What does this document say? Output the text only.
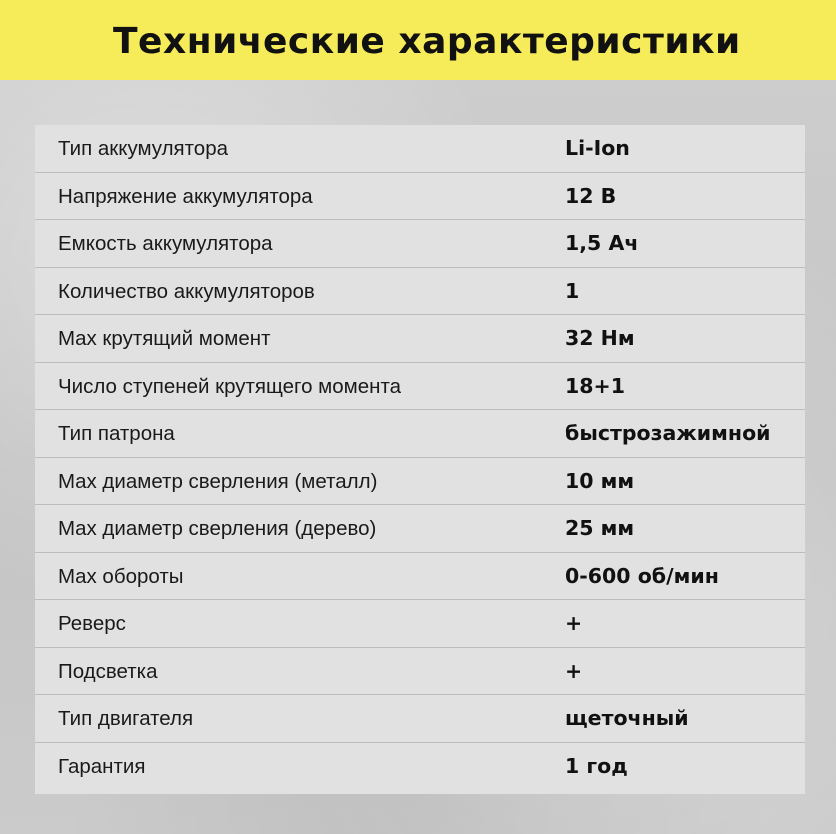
Технические характеристики
Тип аккумулятора	Li-Ion
Напряжение аккумулятора	12 В
Емкость аккумулятора	1,5 Ач
Количество аккумуляторов	1
Max крутящий момент	32 Нм
Число ступеней крутящего момента	18+1
Тип патрона	быстрозажимной
Max диаметр сверления (металл)	10 мм
Max диаметр сверления (дерево)	25 мм
Max обороты	0-600 об/мин
Реверс	+
Подсветка	+
Тип двигателя	щеточный
Гарантия	1 год
